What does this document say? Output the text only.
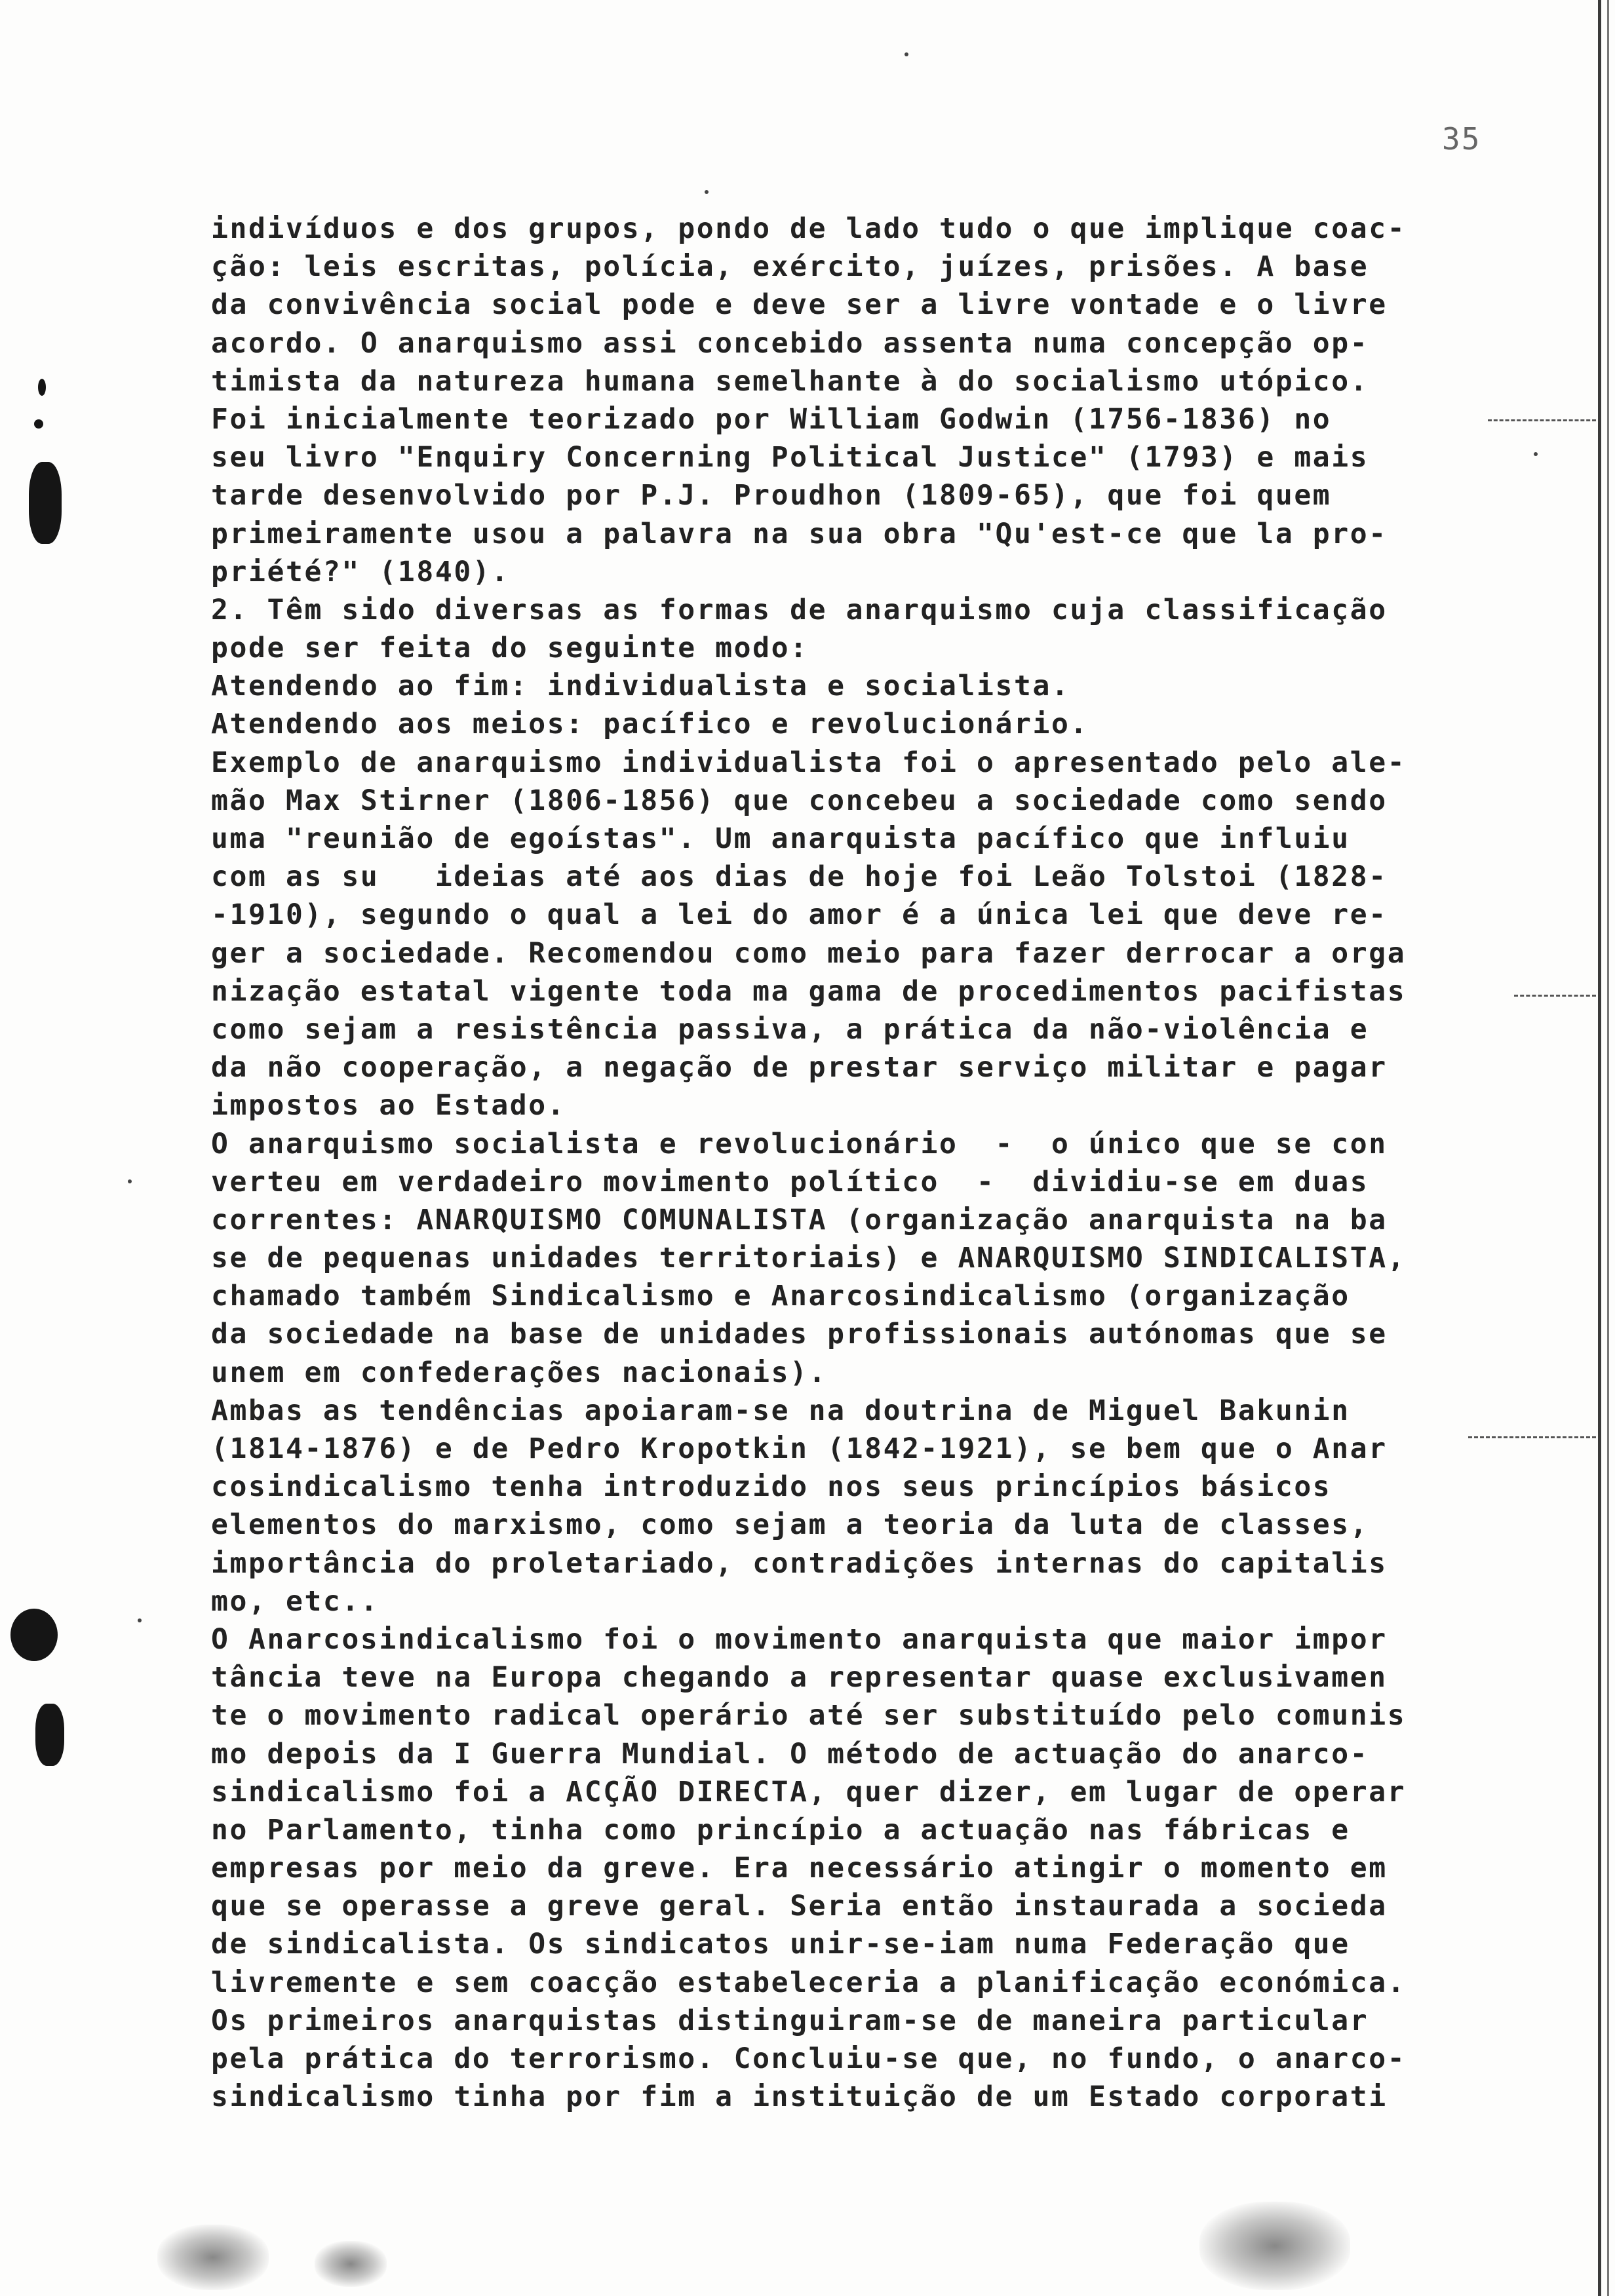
35
indivíduos e dos grupos, pondo de lado tudo o que implique coac-
ção: leis escritas, polícia, exército, juízes, prisões. A base
da convivência social pode e deve ser a livre vontade e o livre
acordo. O anarquismo assi concebido assenta numa concepção op-
timista da natureza humana semelhante à do socialismo utópico.
Foi inicialmente teorizado por William Godwin (1756-1836) no
seu livro "Enquiry Concerning Political Justice" (1793) e mais
tarde desenvolvido por P.J. Proudhon (1809-65), que foi quem
primeiramente usou a palavra na sua obra "Qu'est-ce que la pro-
priété?" (1840).
2. Têm sido diversas as formas de anarquismo cuja classificação
pode ser feita do seguinte modo:
Atendendo ao fim: individualista e socialista.
Atendendo aos meios: pacífico e revolucionário.
Exemplo de anarquismo individualista foi o apresentado pelo ale-
mão Max Stirner (1806-1856) que concebeu a sociedade como sendo
uma "reunião de egoístas". Um anarquista pacífico que influiu
com as su   ideias até aos dias de hoje foi Leão Tolstoi (1828-
-1910), segundo o qual a lei do amor é a única lei que deve re-
ger a sociedade. Recomendou como meio para fazer derrocar a orga
nização estatal vigente toda ma gama de procedimentos pacifistas
como sejam a resistência passiva, a prática da não-violência e
da não cooperação, a negação de prestar serviço militar e pagar
impostos ao Estado.
O anarquismo socialista e revolucionário  -  o único que se con
verteu em verdadeiro movimento político  -  dividiu-se em duas
correntes: ANARQUISMO COMUNALISTA (organização anarquista na ba
se de pequenas unidades territoriais) e ANARQUISMO SINDICALISTA,
chamado também Sindicalismo e Anarcosindicalismo (organização
da sociedade na base de unidades profissionais autónomas que se
unem em confederações nacionais).
Ambas as tendências apoiaram-se na doutrina de Miguel Bakunin
(1814-1876) e de Pedro Kropotkin (1842-1921), se bem que o Anar
cosindicalismo tenha introduzido nos seus princípios básicos
elementos do marxismo, como sejam a teoria da luta de classes,
importância do proletariado, contradições internas do capitalis
mo, etc..
O Anarcosindicalismo foi o movimento anarquista que maior impor
tância teve na Europa chegando a representar quase exclusivamen
te o movimento radical operário até ser substituído pelo comunis
mo depois da I Guerra Mundial. O método de actuação do anarco-
sindicalismo foi a ACÇÃO DIRECTA, quer dizer, em lugar de operar
no Parlamento, tinha como princípio a actuação nas fábricas e
empresas por meio da greve. Era necessário atingir o momento em
que se operasse a greve geral. Seria então instaurada a socieda
de sindicalista. Os sindicatos unir-se-iam numa Federação que
livremente e sem coacção estabeleceria a planificação económica.
Os primeiros anarquistas distinguiram-se de maneira particular
pela prática do terrorismo. Concluiu-se que, no fundo, o anarco-
sindicalismo tinha por fim a instituição de um Estado corporati
